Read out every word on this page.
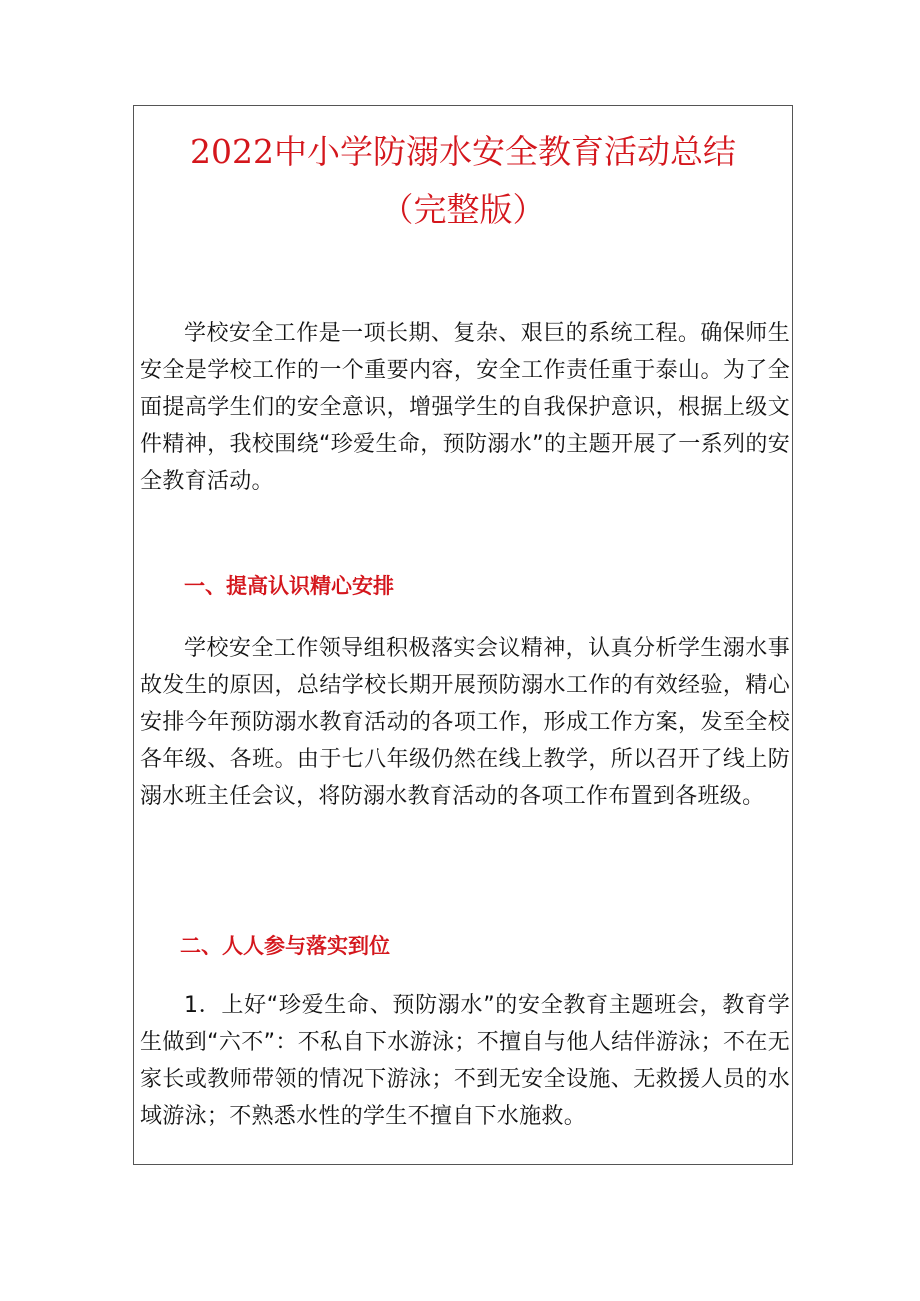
2022中小学防溺水安全教育活动总结
（完整版）

学校安全工作是一项长期、复杂、艰巨的系统工程。确保师生安全是学校工作的一个重要内容，安全工作责任重于泰山。为了全面提高学生们的安全意识，增强学生的自我保护意识，根据上级文件精神，我校围绕“珍爱生命，预防溺水”的主题开展了一系列的安全教育活动。

一、提高认识精心安排

学校安全工作领导组积极落实会议精神，认真分析学生溺水事故发生的原因，总结学校长期开展预防溺水工作的有效经验，精心安排今年预防溺水教育活动的各项工作，形成工作方案，发至全校各年级、各班。由于七八年级仍然在线上教学，所以召开了线上防溺水班主任会议，将防溺水教育活动的各项工作布置到各班级。

二、人人参与落实到位

1．上好“珍爱生命、预防溺水”的安全教育主题班会，教育学生做到“六不”：不私自下水游泳；不擅自与他人结伴游泳；不在无家长或教师带领的情况下游泳；不到无安全设施、无救援人员的水域游泳；不熟悉水性的学生不擅自下水施救。
